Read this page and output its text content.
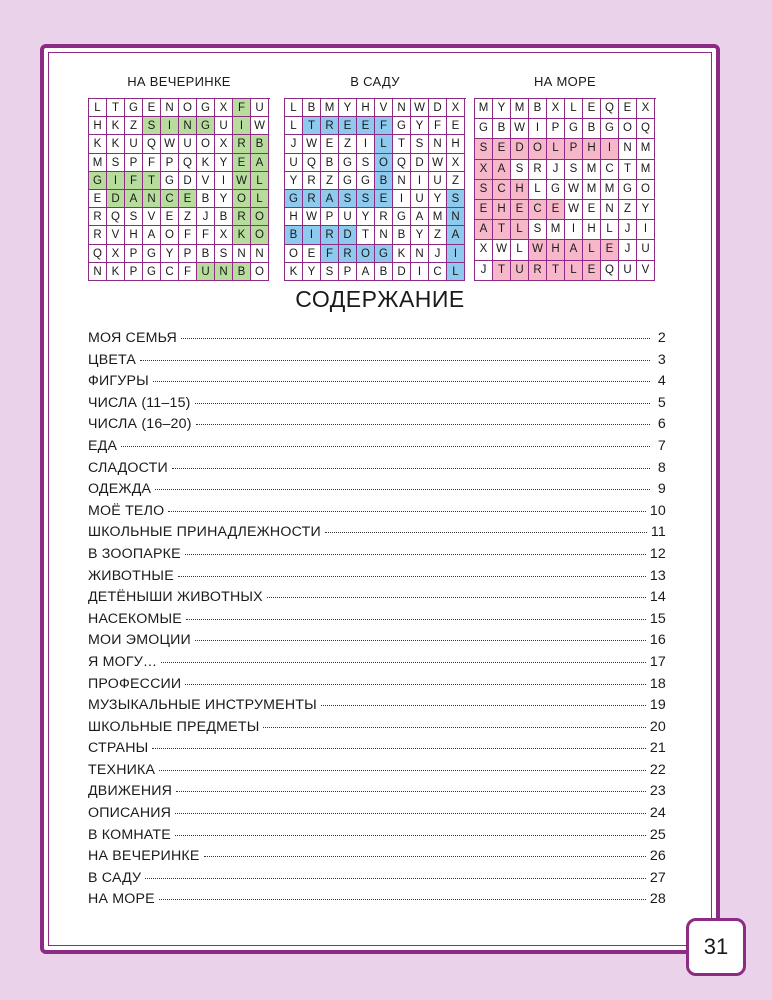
НА ВЕЧЕРИНКЕ
L T G E N O G X F U
H K Z S	I	N G U	I W
K K U Q W U O X R B
M S P F P Q K Y E A
G	I	F T G D V	I W L
E D A N C E B Y O L
R Q S V E Z	J B R O
R V H A O F F X K O
Q X P G Y P B S N N
N K P G C F U N B O
В САДУ
L B M Y H V N W D X
L T R E E F G Y F E
J W E Z	I	L T S N H
U Q B G S O Q D W X
Y R Z G G B N	I	U Z
G R A S S E	I	U Y S
H W P U Y R G A M N
B	I	R D T N B Y Z A
O E F R O G K N J	I
K Y S P A B D	I	C L
НА МОРЕ
M Y M B X L E Q E X
G B W I	P G B G O Q
S E D O L P H	I	N M
X A S R J S M C T M
S C H L G W M M G O
E H E C E W E N Z Y
A T L S M	I	H L	J	I
X W L W H A L E J U
J	T U R T L E Q U V
СОДЕРЖАНИЕ
МОЯ СЕМЬЯ	2
ЦВЕТА	3
ФИГУРЫ	4
ЧИСЛА (11–15)	5
ЧИСЛА (16–20)	6
ЕДА	7
СЛАДОСТИ	8
ОДЕЖДА	9
МОЁ ТЕЛО	10
ШКОЛЬНЫЕ ПРИНАДЛЕЖНОСТИ	11
В ЗООПАРКЕ	12
ЖИВОТНЫЕ	13
ДЕТЁНЫШИ ЖИВОТНЫХ	14
НАСЕКОМЫЕ	15
МОИ ЭМОЦИИ	16
Я МОГУ…	17
ПРОФЕССИИ	18
МУЗЫКАЛЬНЫЕ ИНСТРУМЕНТЫ	19
ШКОЛЬНЫЕ ПРЕДМЕТЫ	20
СТРАНЫ	21
ТЕХНИКА	22
ДВИЖЕНИЯ	23
ОПИСАНИЯ	24
В КОМНАТЕ	25
НА ВЕЧЕРИНКЕ	26
В САДУ	27
НА МОРЕ	28
31
